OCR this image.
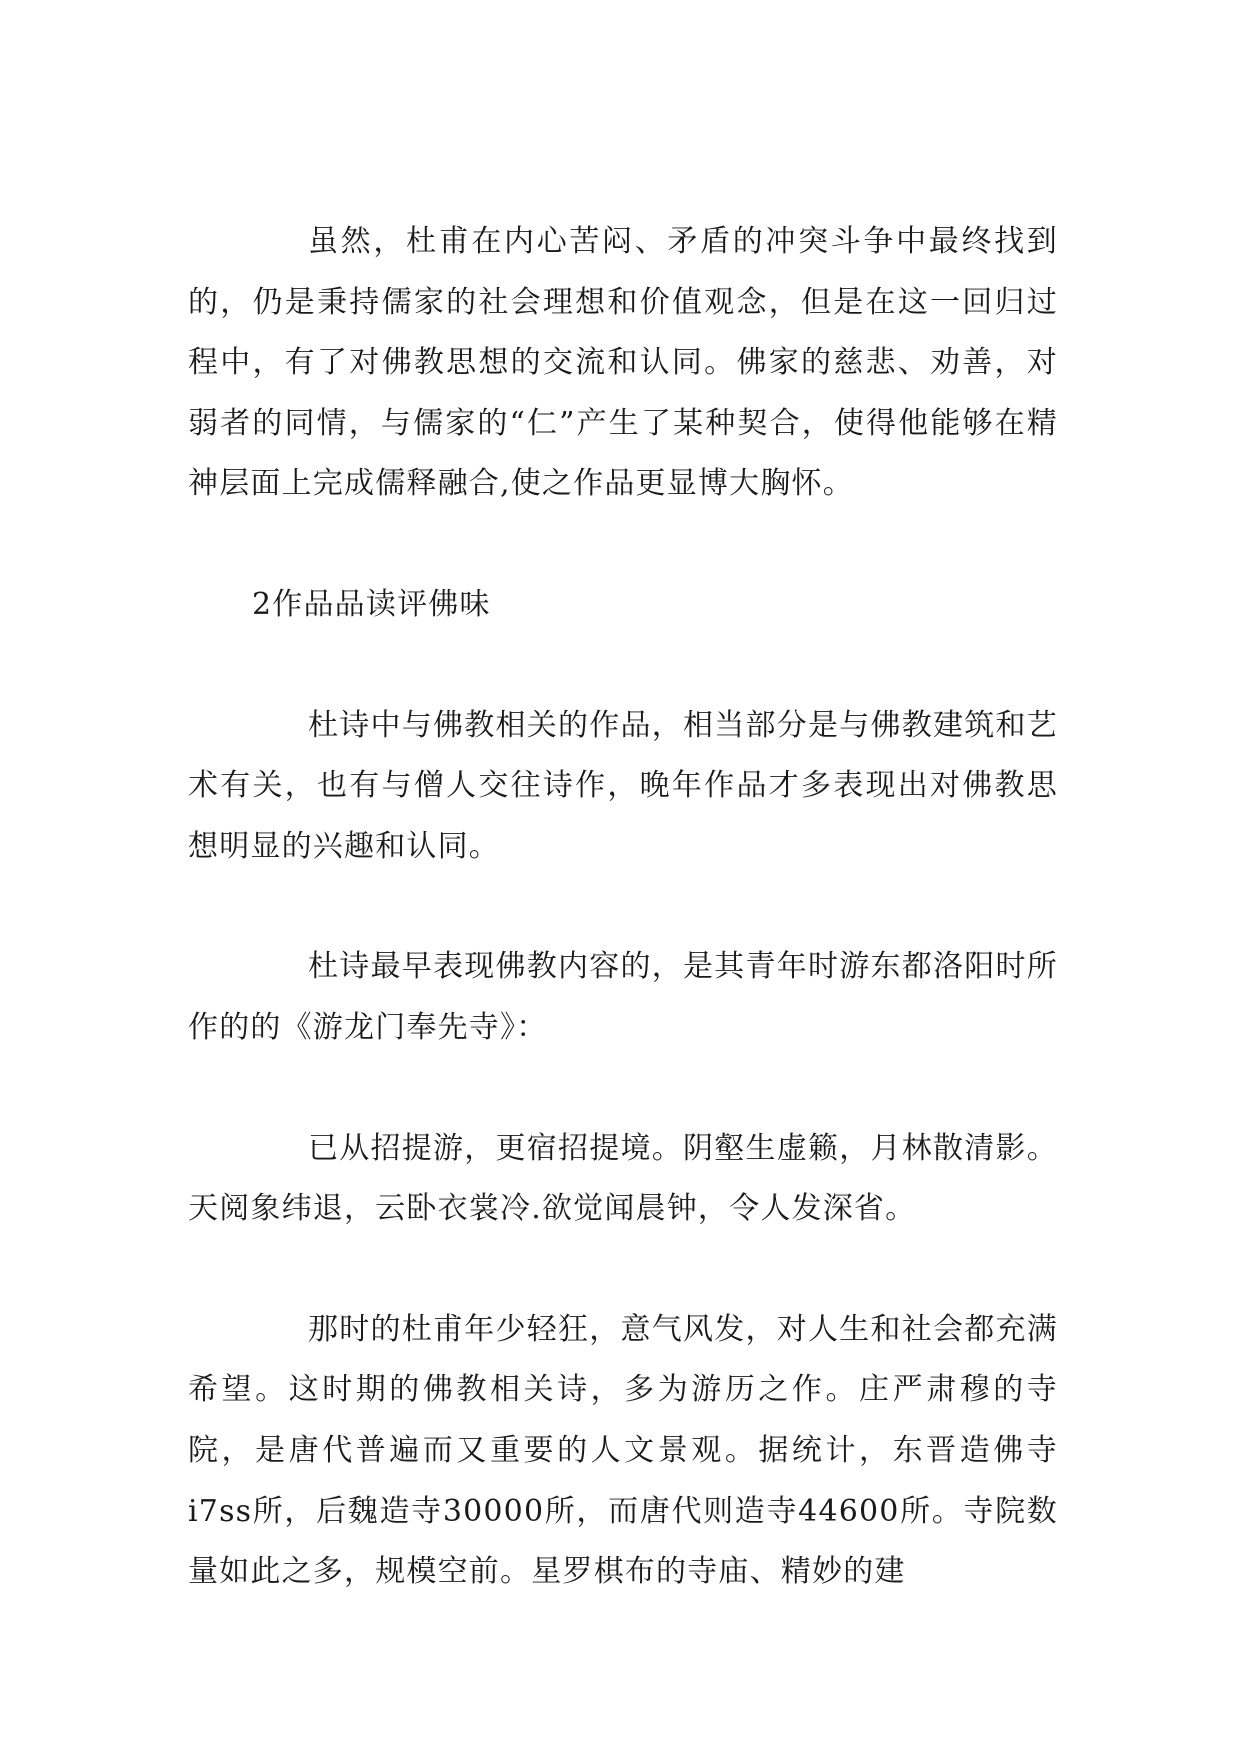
虽然，杜甫在内心苦闷、矛盾的冲突斗争中最终找到的，仍是秉持儒家的社会理想和价值观念，但是在这一回归过程中，有了对佛教思想的交流和认同。佛家的慈悲、劝善，对弱者的同情，与儒家的“仁”产生了某种契合，使得他能够在精神层面上完成儒释融合,使之作品更显博大胸怀。

2作品品读评佛味

杜诗中与佛教相关的作品，相当部分是与佛教建筑和艺术有关，也有与僧人交往诗作，晚年作品才多表现出对佛教思想明显的兴趣和认同。

杜诗最早表现佛教内容的，是其青年时游东都洛阳时所作的的《游龙门奉先寺》：

已从招提游，更宿招提境。阴壑生虚籁，月林散清影。天阅象纬退，云卧衣裳冷.欲觉闻晨钟，令人发深省。

那时的杜甫年少轻狂，意气风发，对人生和社会都充满希望。这时期的佛教相关诗，多为游历之作。庄严肃穆的寺院，是唐代普遍而又重要的人文景观。据统计，东晋造佛寺i7ss所，后魏造寺30000所，而唐代则造寺44600所。寺院数量如此之多，规模空前。星罗棋布的寺庙、精妙的建
